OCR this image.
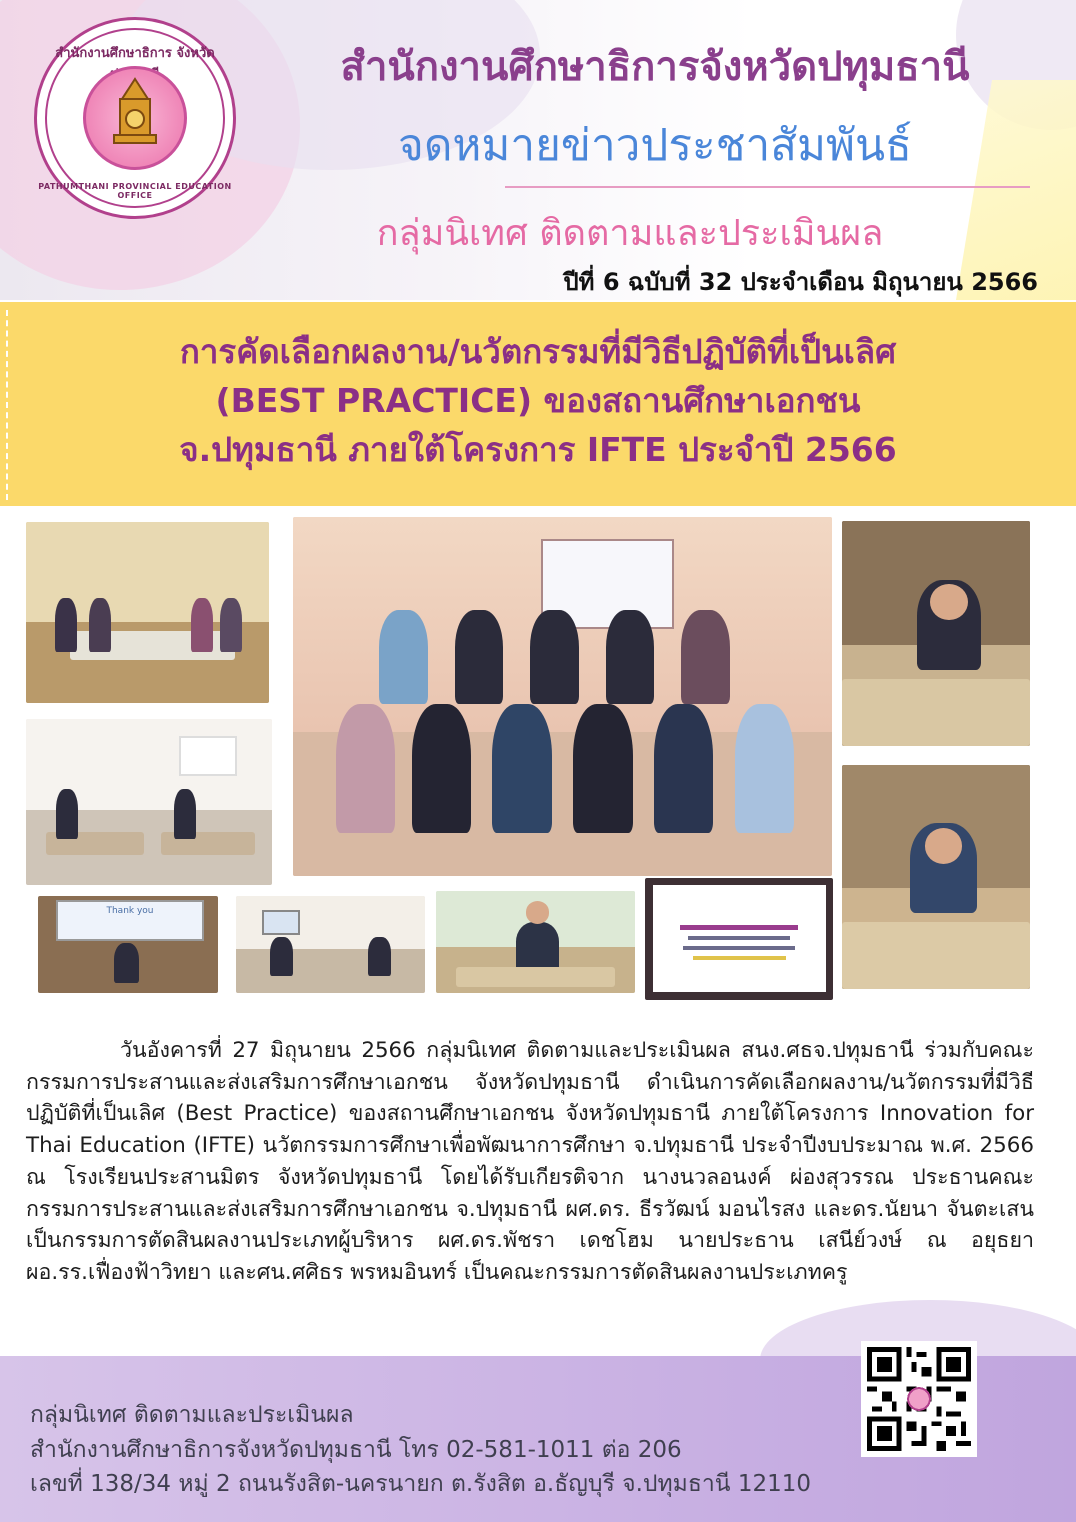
สำนักงานศึกษาธิการ จังหวัด
PATHUMTHANI PROVINCIAL EDUCATION OFFICE
สำนักงานศึกษาธิการจังหวัดปทุมธานี
จดหมายข่าวประชาสัมพันธ์
กลุ่มนิเทศ ติดตามและประเมินผล
ปีที่ 6 ฉบับที่ 32 ประจำเดือน มิถุนายน 2566
การคัดเลือกผลงาน/นวัตกรรมที่มีวิธีปฏิบัติที่เป็นเลิศ
(BEST PRACTICE) ของสถานศึกษาเอกชน
จ.ปทุมธานี ภายใต้โครงการ IFTE ประจำปี 2566
Thank you

วันอังคารที่ 27 มิถุนายน 2566 กลุ่มนิเทศ ติดตามและประเมินผล สนง.ศธจ.ปทุมธานี ร่วมกับคณะกรรมการประสานและส่งเสริมการศึกษาเอกชน จังหวัดปทุมธานี ดำเนินการคัดเลือกผลงาน/นวัตกรรมที่มีวิธีปฏิบัติที่เป็นเลิศ (Best Practice) ของสถานศึกษาเอกชน จังหวัดปทุมธานี ภายใต้โครงการ Innovation for Thai Education (IFTE) นวัตกรรมการศึกษาเพื่อพัฒนาการศึกษา จ.ปทุมธานี ประจำปีงบประมาณ พ.ศ. 2566 ณ โรงเรียนประสานมิตร จังหวัดปทุมธานี โดยได้รับเกียรติจาก นางนวลอนงค์ ผ่องสุวรรณ ประธานคณะกรรมการประสานและส่งเสริมการศึกษาเอกชน จ.ปทุมธานี ผศ.ดร. ธีรวัฒน์ มอนไรสง และดร.นัยนา จันตะเสน เป็นกรรมการตัดสินผลงานประเภทผู้บริหาร ผศ.ดร.พัชรา เดชโฮม นายประธาน เสนีย์วงษ์ ณ อยุธยา ผอ.รร.เฟื่องฟ้าวิทยา และศน.ศศิธร พรหมอินทร์ เป็นคณะกรรมการตัดสินผลงานประเภทครู

กลุ่มนิเทศ ติดตามและประเมินผล
สำนักงานศึกษาธิการจังหวัดปทุมธานี โทร 02-581-1011 ต่อ 206
เลขที่ 138/34 หมู่ 2 ถนนรังสิต-นครนายก ต.รังสิต อ.ธัญบุรี จ.ปทุมธานี 12110
